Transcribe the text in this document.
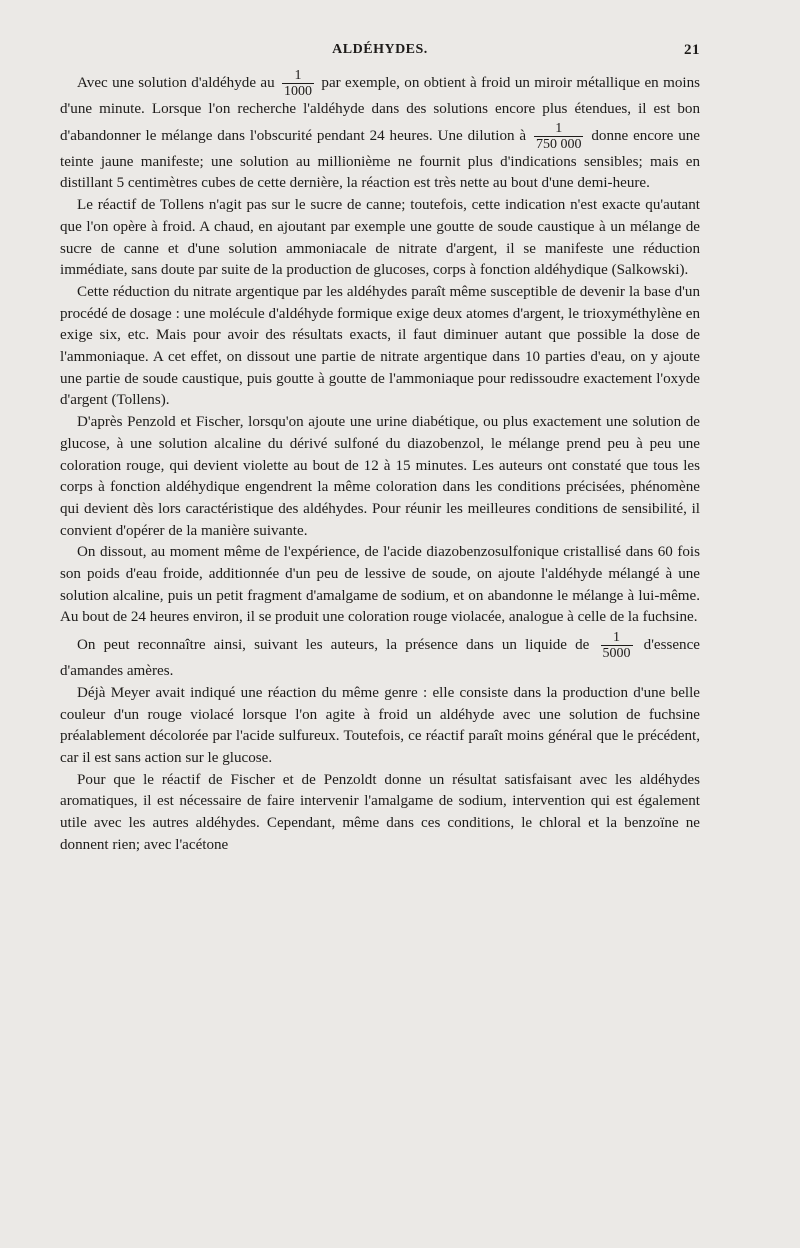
ALDÉHYDES.	21

Avec une solution d'aldéhyde au $\frac{1}{1000}$ par exemple, on obtient à froid un miroir métallique en moins d'une minute. Lorsque l'on recherche l'aldéhyde dans des solutions encore plus étendues, il est bon d'abandonner le mélange dans l'obscurité pendant 24 heures. Une dilution à $\frac{1}{750 000}$ donne encore une teinte jaune manifeste; une solution au millionième ne fournit plus d'indications sensibles; mais en distillant 5 centimètres cubes de cette dernière, la réaction est très nette au bout d'une demi-heure.

Le réactif de Tollens n'agit pas sur le sucre de canne; toutefois, cette indication n'est exacte qu'autant que l'on opère à froid. A chaud, en ajoutant par exemple une goutte de soude caustique à un mélange de sucre de canne et d'une solution ammoniacale de nitrate d'argent, il se manifeste une réduction immédiate, sans doute par suite de la production de glucoses, corps à fonction aldéhydique (Salkowski).

Cette réduction du nitrate argentique par les aldéhydes paraît même susceptible de devenir la base d'un procédé de dosage : une molécule d'aldéhyde formique exige deux atomes d'argent, le trioxyméthylène en exige six, etc. Mais pour avoir des résultats exacts, il faut diminuer autant que possible la dose de l'ammoniaque. A cet effet, on dissout une partie de nitrate argentique dans 10 parties d'eau, on y ajoute une partie de soude caustique, puis goutte à goutte de l'ammoniaque pour redissoudre exactement l'oxyde d'argent (Tollens).

D'après Penzold et Fischer, lorsqu'on ajoute une urine diabétique, ou plus exactement une solution de glucose, à une solution alcaline du dérivé sulfoné du diazobenzol, le mélange prend peu à peu une coloration rouge, qui devient violette au bout de 12 à 15 minutes. Les auteurs ont constaté que tous les corps à fonction aldéhydique engendrent la même coloration dans les conditions précisées, phénomène qui devient dès lors caractéristique des aldéhydes. Pour réunir les meilleures conditions de sensibilité, il convient d'opérer de la manière suivante.

On dissout, au moment même de l'expérience, de l'acide diazobenzosulfonique cristallisé dans 60 fois son poids d'eau froide, additionnée d'un peu de lessive de soude, on ajoute l'aldéhyde mélangé à une solution alcaline, puis un petit fragment d'amalgame de sodium, et on abandonne le mélange à lui-même. Au bout de 24 heures environ, il se produit une coloration rouge violacée, analogue à celle de la fuchsine.

On peut reconnaître ainsi, suivant les auteurs, la présence dans un liquide de $\frac{1}{5000}$ d'essence d'amandes amères.

Déjà Meyer avait indiqué une réaction du même genre : elle consiste dans la production d'une belle couleur d'un rouge violacé lorsque l'on agite à froid un aldéhyde avec une solution de fuchsine préalablement décolorée par l'acide sulfureux. Toutefois, ce réactif paraît moins général que le précédent, car il est sans action sur le glucose.

Pour que le réactif de Fischer et de Penzoldt donne un résultat satisfaisant avec les aldéhydes aromatiques, il est nécessaire de faire intervenir l'amalgame de sodium, intervention qui est également utile avec les autres aldéhydes. Cependant, même dans ces conditions, le chloral et la benzoïne ne donnent rien; avec l'acétone
